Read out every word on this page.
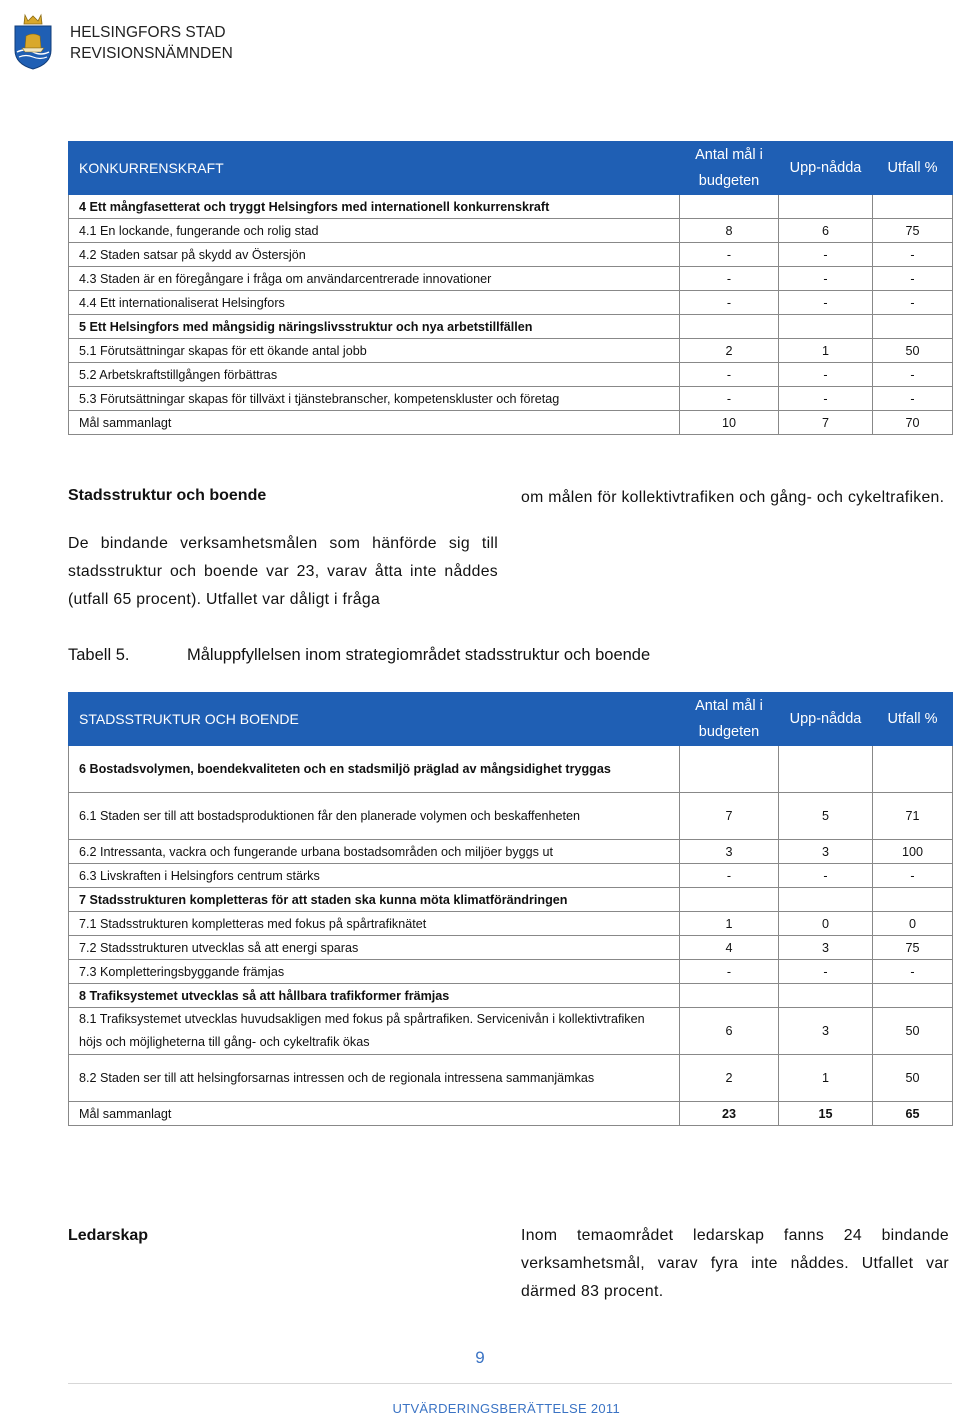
HELSINGFORS STAD
REVISIONSNÄMNDEN
KONKURRENSKRAFT	Antal mål i budgeten	Upp-nådda	Utfall %
4 Ett mångfasetterat och tryggt Helsingfors med internationell konkurrenskraft			
4.1 En lockande, fungerande och rolig stad	8	6	75
4.2 Staden satsar på skydd av Östersjön	-	-	-
4.3 Staden är en föregångare i fråga om användarcentrerade innovationer	-	-	-
4.4 Ett internationaliserat Helsingfors	-	-	-
5 Ett Helsingfors med mångsidig näringslivsstruktur och nya arbetstillfällen			
5.1 Förutsättningar skapas för ett ökande antal jobb	2	1	50
5.2 Arbetskraftstillgången förbättras	-	-	-
5.3 Förutsättningar skapas för tillväxt i tjänstebranscher, kompetenskluster och företag	-	-	-
Mål sammanlagt	10	7	70
Stadsstruktur och boende
De bindande verksamhetsmålen som hänförde sig till stadsstruktur och boende var 23, varav åtta inte nåddes (utfall 65 procent). Utfallet var dåligt i fråga
om målen för kollektivtrafiken och gång- och cykeltrafiken.
Tabell 5.	Måluppfyllelsen inom strategiområdet stadsstruktur och boende
STADSSTRUKTUR OCH BOENDE	Antal mål i budgeten	Upp-nådda	Utfall %
6 Bostadsvolymen, boendekvaliteten och en stadsmiljö präglad av mångsidighet tryggas			
6.1 Staden ser till att bostadsproduktionen får den planerade volymen och beskaffenheten	7	5	71
6.2 Intressanta, vackra och fungerande urbana bostadsområden och miljöer byggs ut	3	3	100
6.3 Livskraften i Helsingfors centrum stärks	-	-	-
7 Stadsstrukturen kompletteras för att staden ska kunna möta klimatförändringen			
7.1 Stadsstrukturen kompletteras med fokus på spårtrafiknätet	1	0	0
7.2 Stadsstrukturen utvecklas så att energi sparas	4	3	75
7.3 Kompletteringsbyggande främjas	-	-	-
8 Trafiksystemet utvecklas så att hållbara trafikformer främjas			
8.1 Trafiksystemet utvecklas huvudsakligen med fokus på spårtrafiken. Servicenivån i kollektivtrafiken höjs och möjligheterna till gång- och cykeltrafik ökas	6	3	50
8.2 Staden ser till att helsingforsarnas intressen och de regionala intressena sammanjämkas	2	1	50
Mål sammanlagt	23	15	65
Ledarskap	Inom temaområdet ledarskap fanns 24 bindande verksamhetsmål, varav fyra inte nåddes. Utfallet var därmed 83 procent.
9
UTVÄRDERINGSBERÄTTELSE 2011
